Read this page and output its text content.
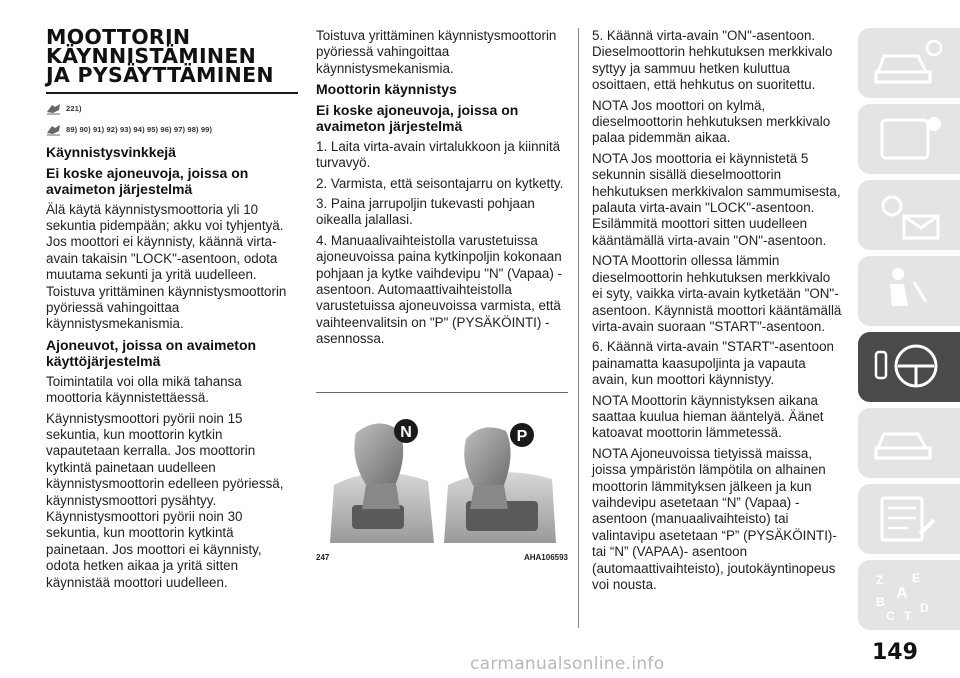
MOOTTORIN
KÄYNNISTÄMINEN
JA PYSÄYTTÄMINEN
221)
89) 90) 91) 92) 93) 94) 95) 96) 97) 98) 99)
Käynnistysvinkkejä
Ei koske ajoneuvoja, joissa on avaimeton järjestelmä

Älä käytä käynnistysmoottoria yli 10 sekuntia pidempään; akku voi tyhjentyä. Jos moottori ei käynnisty, käännä virta-avain takaisin "LOCK"-asentoon, odota muutama sekunti ja yritä uudelleen. Toistuva yrittäminen käynnistysmoottorin pyöriessä vahingoittaa käynnistysmekanismia.

Ajoneuvot, joissa on avaimeton käyttöjärjestelmä

Toimintatila voi olla mikä tahansa moottoria käynnistettäessä.

Käynnistysmoottori pyörii noin 15 sekuntia, kun moottorin kytkin vapautetaan kerralla. Jos moottorin kytkintä painetaan uudelleen käynnistysmoottorin edelleen pyöriessä, käynnistysmoottori pysähtyy. Käynnistysmoottori pyörii noin 30 sekuntia, kun moottorin kytkintä painetaan. Jos moottori ei käynnisty, odota hetken aikaa ja yritä sitten käynnistää moottori uudelleen.

Toistuva yrittäminen käynnistysmoottorin pyöriessä vahingoittaa käynnistysmekanismia.

Moottorin käynnistys
Ei koske ajoneuvoja, joissa on avaimeton järjestelmä

1. Laita virta-avain virtalukkoon ja kiinnitä turvavyö.

2. Varmista, että seisontajarru on kytketty.

3. Paina jarrupoljin tukevasti pohjaan oikealla jalallasi.

4. Manuaalivaihteistolla varustetuissa ajoneuvoissa paina kytkinpoljin kokonaan pohjaan ja kytke vaihdevipu "N" (Vapaa) -asentoon. Automaattivaihteistolla varustetuissa ajoneuvoissa varmista, että vaihteenvalitsin on "P" (PYSÄKÖINTI) -asennossa.

N	P
247	AHA106593

5. Käännä virta-avain "ON"-asentoon. Dieselmoottorin hehkutuksen merkkivalo syttyy ja sammuu hetken kuluttua osoittaen, että hehkutus on suoritettu.

NOTA Jos moottori on kylmä, dieselmoottorin hehkutuksen merkkivalo palaa pidemmän aikaa.

NOTA Jos moottoria ei käynnistetä 5 sekunnin sisällä dieselmoottorin hehkutuksen merkkivalon sammumisesta, palauta virta-avain "LOCK"-asentoon. Esilämmitä moottori sitten uudelleen kääntämällä virta-avain "ON"-asentoon.

NOTA Moottorin ollessa lämmin dieselmoottorin hehkutuksen merkkivalo ei syty, vaikka virta-avain kytketään "ON"-asentoon. Käynnistä moottori kääntämällä virta-avain suoraan "START"-asentoon.

6. Käännä virta-avain "START"-asentoon painamatta kaasupoljinta ja vapauta avain, kun moottori käynnistyy.

NOTA Moottorin käynnistyksen aikana saattaa kuulua hieman ääntelyä. Äänet katoavat moottorin lämmetessä.

NOTA Ajoneuvoissa tietyissä maissa, joissa ympäristön lämpötila on alhainen moottorin lämmityksen jälkeen ja kun vaihdevipu asetetaan “N” (Vapaa) -asentoon (manuaalivaihteisto) tai valintavipu asetetaan “P” (PYSÄKÖINTI)- tai “N” (VAPAA)- asentoon (automaattivaihteisto), joutokäyntinopeus voi nousta.	Z E
A
B
C T
D
149
carmanualsonline.info
